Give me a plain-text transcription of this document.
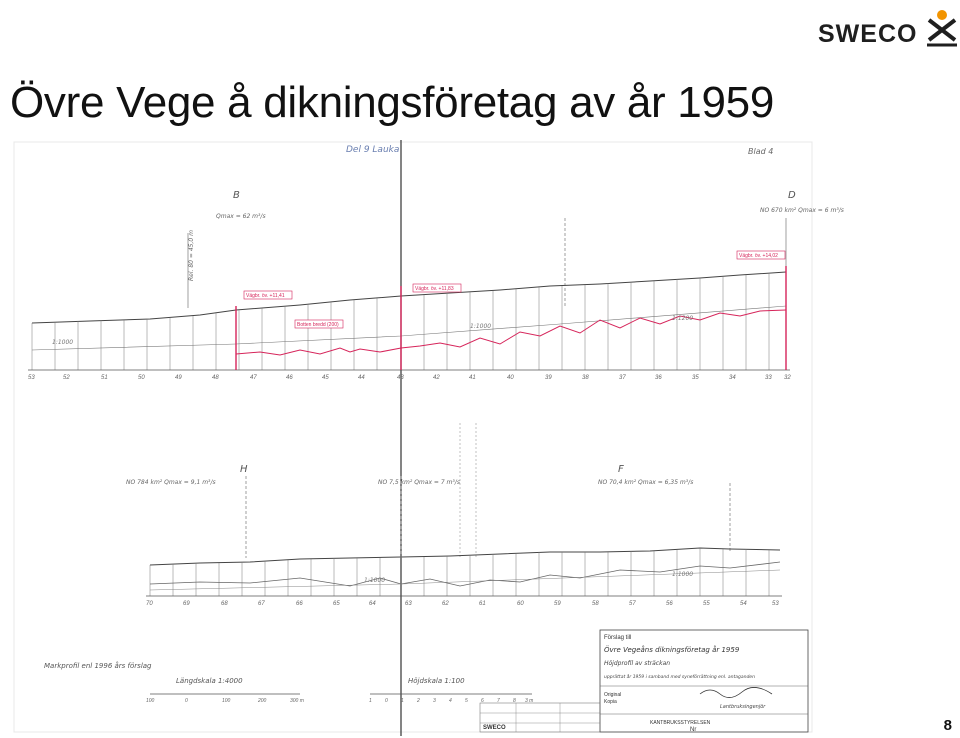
Övre Vege å dikningsföretag av år 1959
SWECO
Blad 4
Del 9 Lauka
B	D
Qmax = 62 m³/s
NO 670 km² Qmax = 6 m³/s
Rel. 80 = 45,0 m
Vägbr. öv. +11,41
Vägbr. öv. +11,83
Vägbr. öv. +14,02
Botten bredd (200)
1:1000
1:1000
1:1200
53	52	51	50	49	48	47	46	45	44	43	42	41	40	39	38	37	36	35	34	33 32
H	F
NO 784 km² Qmax = 9,1 m³/s	NO 7,5 km² Qmax = 7 m³/s	NO 70,4 km² Qmax = 6,35 m³/s
1:1000
1:1000
70	69	68	67	66	65	64	63	62	61	60	59	58	57	56	55	54	53
Markprofil enl 1996 års förslag
Längdskala 1:4000	Höjdskala 1:100
100	0	100	200	300 m	1	0	1	2	3	4	5	6	7	8 3 m
Förslag till
Övre Vegeåns dikningsföretag år 1959
Höjdprofil av sträckan
upprättat år 1959 i samband med syneförrättning enl. antaganden
Original
Kopia
Lantbruksingenjör
KANTBRUKSSTYRELSEN
Nr
SWECO	8
